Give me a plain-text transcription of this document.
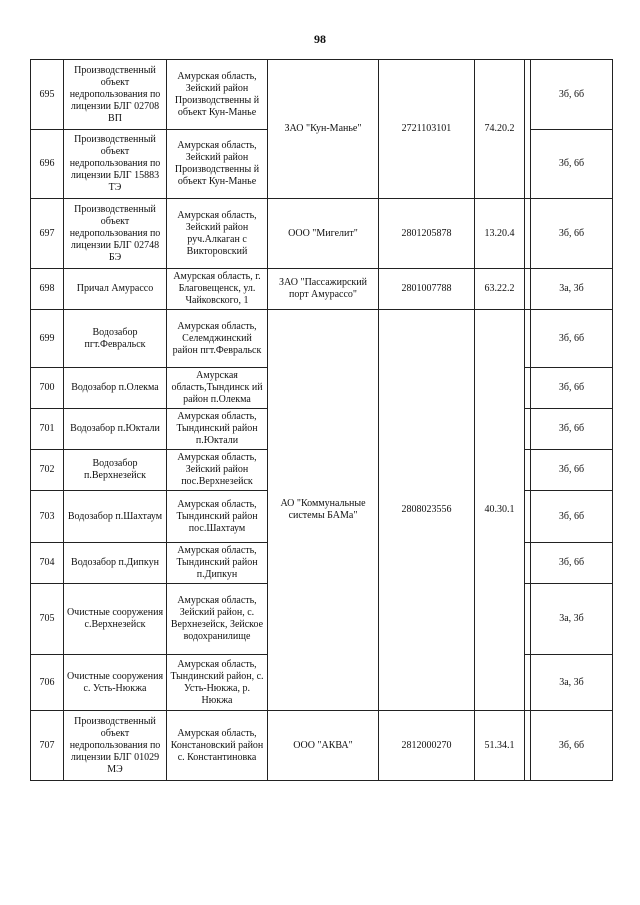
98
695	Производственный объект недропользования по лицензии БЛГ 02708 ВП	Амурская область, Зейский район Производственны й объект Кун-Манье	ЗАО "Кун-Манье"	2721103101	74.20.2		3б, 6б
696	Производственный объект недропользования по лицензии БЛГ 15883 ТЭ	Амурская область, Зейский район Производственны й объект Кун-Манье					3б, 6б
697	Производственный объект недропользования по лицензии БЛГ 02748 БЭ	Амурская область, Зейский район руч.Алкаган с Викторовский	ООО "Мигелит"	2801205878	13.20.4		3б, 6б
698	Причал Амурассо	Амурская область, г. Благовещенск, ул. Чайковского, 1	ЗАО "Пассажирский порт Амурассо"	2801007788	63.22.2		3а, 3б
699	Водозабор пгт.Февральск	Амурская область, Селемджинский район пгт.Февральск	АО "Коммунальные системы БАМа"	2808023556	40.30.1		3б, 6б
700	Водозабор п.Олекма	Амурская область,Тындинск ий район п.Олекма					3б, 6б
701	Водозабор п.Юктали	Амурская область, Тындинский район п.Юктали					3б, 6б
702	Водозабор п.Верхнезейск	Амурская область, Зейский район пос.Верхнезейск					3б, 6б
703	Водозабор п.Шахтаум	Амурская область, Тындинский район пос.Шахтаум					3б, 6б
704	Водозабор п.Дипкун	Амурская область, Тындинский район п.Дипкун					3б, 6б
705	Очистные сооружения с.Верхнезейск	Амурская область, Зейский район, с. Верхнезейск, Зейское водохранилище					3а, 3б
706	Очистные сооружения с. Усть-Нюкжа	Амурская область, Тындинский район, с. Усть-Нюкжа, р. Нюкжа					3а, 3б
707	Производственный объект недропользования по лицензии БЛГ 01029 МЭ	Амурская область, Констановский район с. Константиновка	ООО "АКВА"	2812000270	51.34.1		3б, 6б
